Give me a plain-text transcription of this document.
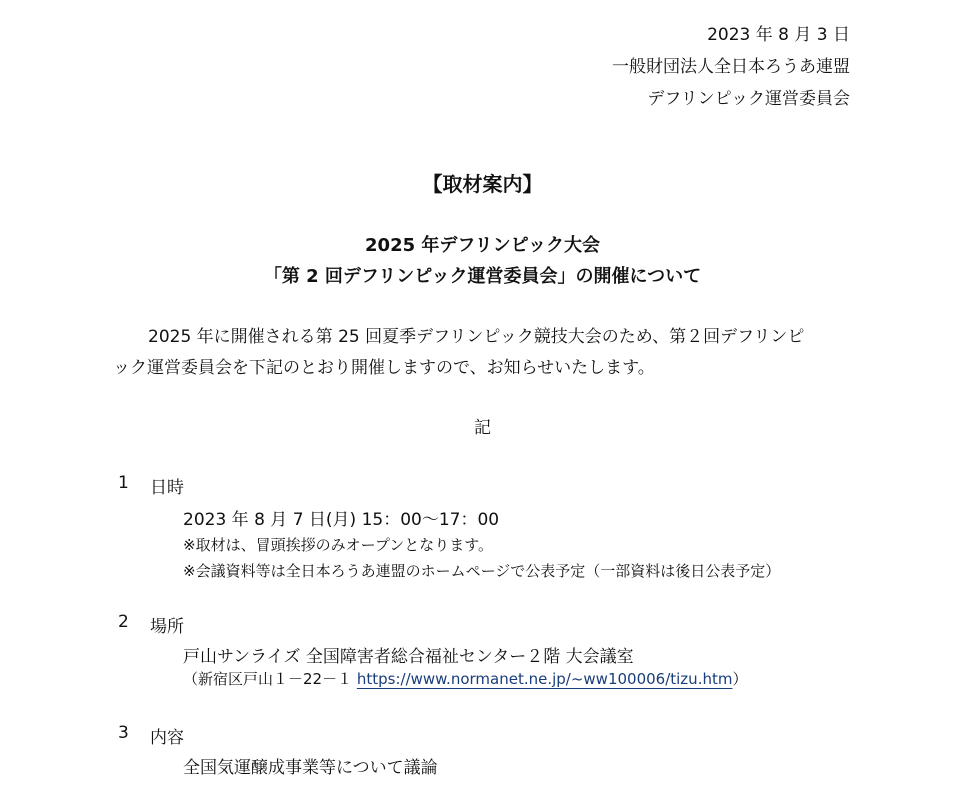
2023 年 8 月 3 日
一般財団法人全日本ろうあ連盟
デフリンピック運営委員会
【取材案内】
2025 年デフリンピック大会
「第 2 回デフリンピック運営委員会」の開催について
2025 年に開催される第 25 回夏季デフリンピック競技大会のため、第２回デフリンピ
ック運営委員会を下記のとおり開催しますので、お知らせいたします。
記
1 日時
2023 年 8 月 7 日(月) 15：00～17：00
※取材は、冒頭挨拶のみオープンとなります。
※会議資料等は全日本ろうあ連盟のホームページで公表予定（一部資料は後日公表予定）
2 場所
戸山サンライズ 全国障害者総合福祉センター２階 大会議室
（新宿区戸山１－22－１ https://www.normanet.ne.jp/~ww100006/tizu.htm）
3 内容
全国気運醸成事業等について議論
